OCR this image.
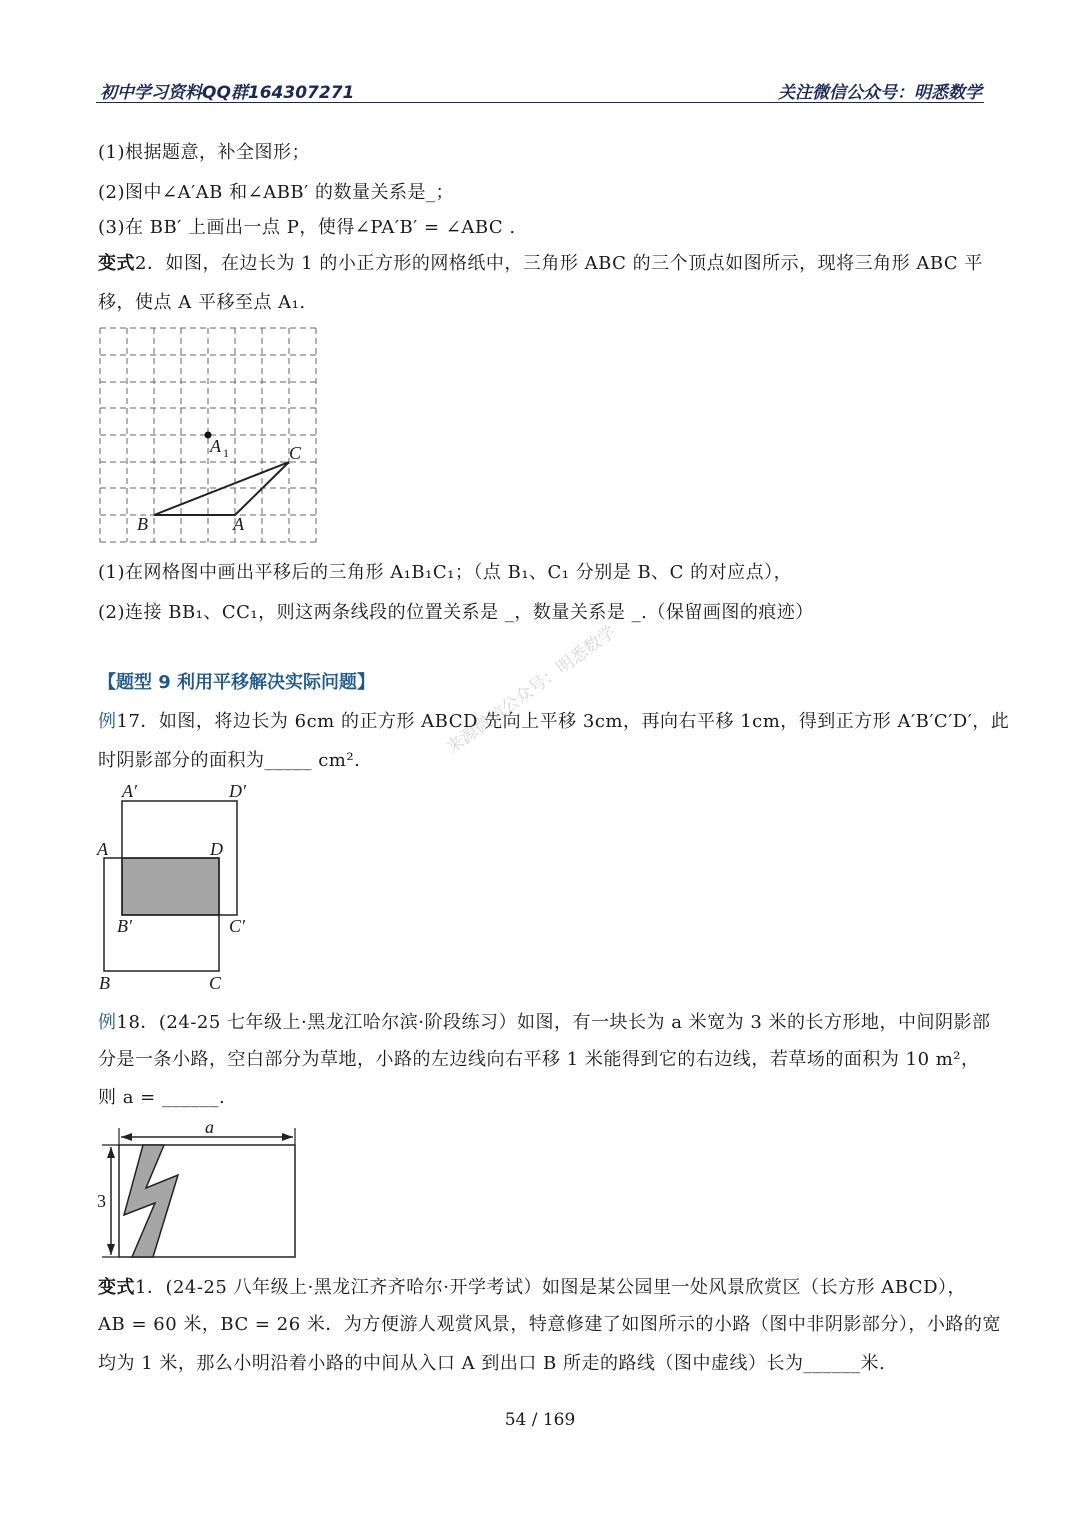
初中学习资料QQ群164307271	关注微信公众号：明悉数学
来源微信公众号：明悉数学
(1)根据题意，补全图形；
(2)图中∠A′AB 和∠ABB′ 的数量关系是_；
(3)在 BB′ 上画出一点 P，使得∠PA′B′ = ∠ABC .
变式2．如图，在边长为 1 的小正方形的网格纸中，三角形 ABC 的三个顶点如图所示，现将三角形 ABC 平
移，使点 A 平移至点 A₁.
A 1	C
B	A
(1)在网格图中画出平移后的三角形 A₁B₁C₁；（点 B₁、C₁ 分别是 B、C 的对应点），
(2)连接 BB₁、CC₁，则这两条线段的位置关系是 _，数量关系是 _.（保留画图的痕迹）
【题型 9 利用平移解决实际问题】
例17．如图，将边长为 6cm 的正方形 ABCD 先向上平移 3cm，再向右平移 1cm，得到正方形 A′B′C′D′，此
时阴影部分的面积为_____ cm².
A′	D′
A	D
B′	C′
B	C
例18．(24-25 七年级上·黑龙江哈尔滨·阶段练习）如图，有一块长为 a 米宽为 3 米的长方形地，中间阴影部
分是一条小路，空白部分为草地，小路的左边线向右平移 1 米能得到它的右边线，若草场的面积为 10 m²，
则 a = ______.
a
3
变式1．(24-25 八年级上·黑龙江齐齐哈尔·开学考试）如图是某公园里一处风景欣赏区（长方形 ABCD），
AB = 60 米，BC = 26 米．为方便游人观赏风景，特意修建了如图所示的小路（图中非阴影部分），小路的宽
均为 1 米，那么小明沿着小路的中间从入口 A 到出口 B 所走的路线（图中虚线）长为______米.
54 / 169
